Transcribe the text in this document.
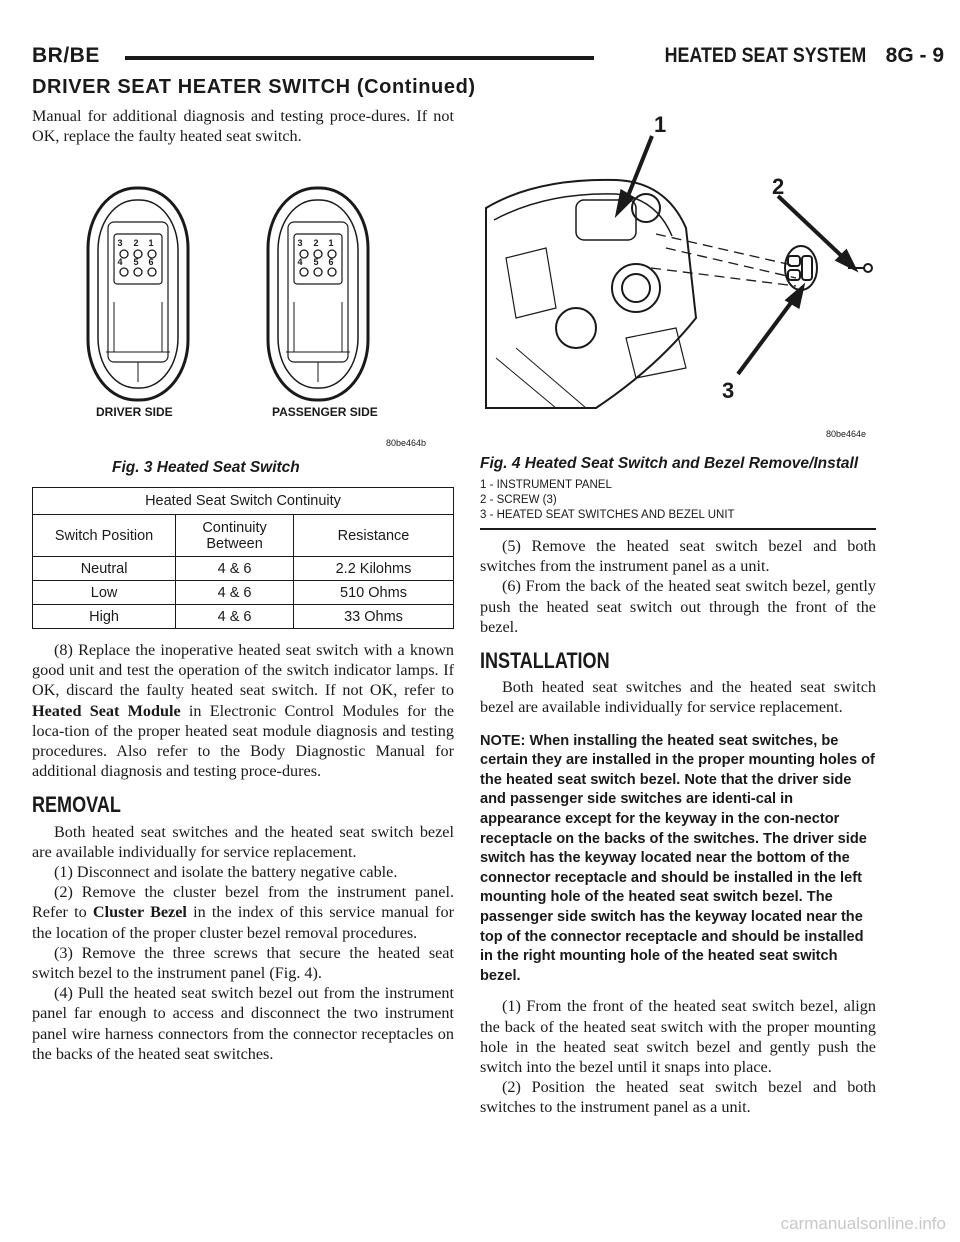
BR/BE	HEATED SEAT SYSTEM 8G - 9
DRIVER SEAT HEATER SWITCH (Continued)

Manual for additional diagnosis and testing proce-dures. If not OK, replace the faulty heated seat switch.

3 2 1
4 5 6
3 2 1
4 5 6
DRIVER SIDE	PASSENGER SIDE
80be464b
Fig. 3 Heated Seat Switch
Heated Seat Switch Continuity		
Switch Position	Continuity Between	Resistance
Neutral	4 & 6	2.2 Kilohms
Low	4 & 6	510 Ohms
High	4 & 6	33 Ohms

(8) Replace the inoperative heated seat switch with a known good unit and test the operation of the switch indicator lamps. If OK, discard the faulty heated seat switch. If not OK, refer to Heated Seat Module in Electronic Control Modules for the loca-tion of the proper heated seat module diagnosis and testing procedures. Also refer to the Body Diagnostic Manual for additional diagnosis and testing proce-dures.

REMOVAL

Both heated seat switches and the heated seat switch bezel are available individually for service replacement.

(1) Disconnect and isolate the battery negative cable.

(2) Remove the cluster bezel from the instrument panel. Refer to Cluster Bezel in the index of this service manual for the location of the proper cluster bezel removal procedures.

(3) Remove the three screws that secure the heated seat switch bezel to the instrument panel (Fig. 4).

(4) Pull the heated seat switch bezel out from the instrument panel far enough to access and disconnect the two instrument panel wire harness connectors from the connector receptacles on the backs of the heated seat switches.

1
2
3
80be464e
Fig. 4 Heated Seat Switch and Bezel Remove/Install
1 - INSTRUMENT PANEL
2 - SCREW (3)
3 - HEATED SEAT SWITCHES AND BEZEL UNIT

(5) Remove the heated seat switch bezel and both switches from the instrument panel as a unit.

(6) From the back of the heated seat switch bezel, gently push the heated seat switch out through the front of the bezel.

INSTALLATION

Both heated seat switches and the heated seat switch bezel are available individually for service replacement.

NOTE: When installing the heated seat switches, be certain they are installed in the proper mounting holes of the heated seat switch bezel. Note that the driver side and passenger side switches are identi-cal in appearance except for the keyway in the con-nector receptacle on the backs of the switches. The driver side switch has the keyway located near the bottom of the connector receptacle and should be installed in the left mounting hole of the heated seat switch bezel. The passenger side switch has the keyway located near the top of the connector receptacle and should be installed in the right mounting hole of the heated seat switch bezel.

(1) From the front of the heated seat switch bezel, align the back of the heated seat switch with the proper mounting hole in the heated seat switch bezel and gently push the switch into the bezel until it snaps into place.

(2) Position the heated seat switch bezel and both switches to the instrument panel as a unit.

carmanualsonline.info
